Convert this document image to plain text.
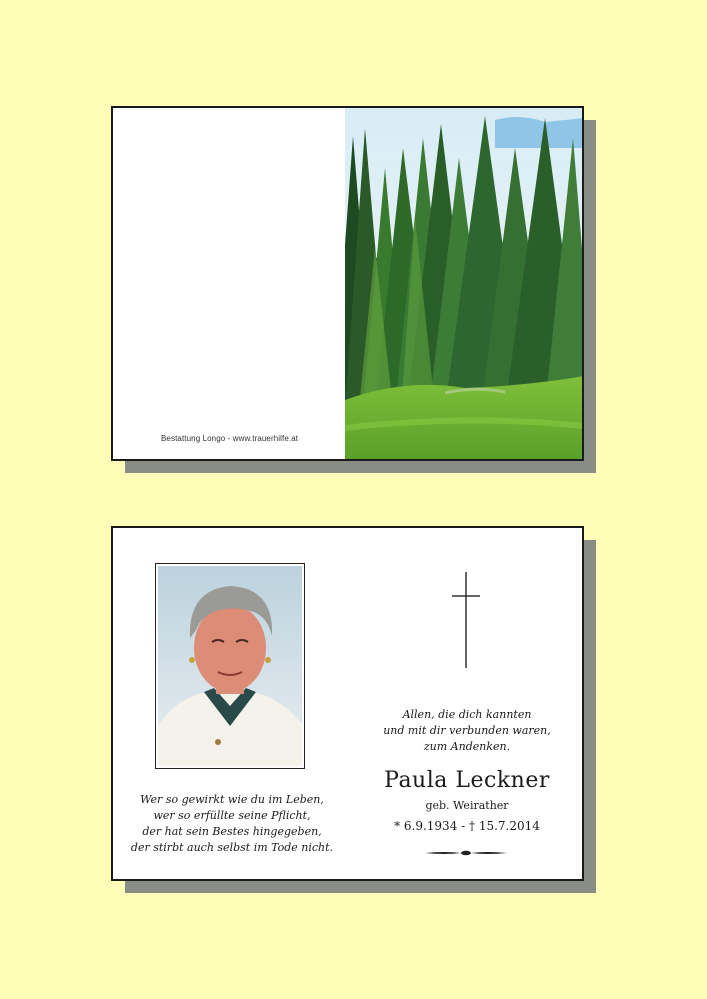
Bestattung Longo - www.trauerhilfe.at
Wer so gewirkt wie du im Leben,
wer so erfüllte seine Pflicht,
der hat sein Bestes hingegeben,
der stirbt auch selbst im Tode nicht.
Allen, die dich kannten
und mit dir verbunden waren,
zum Andenken.
Paula Leckner
geb. Weirather
* 6.9.1934 - † 15.7.2014
